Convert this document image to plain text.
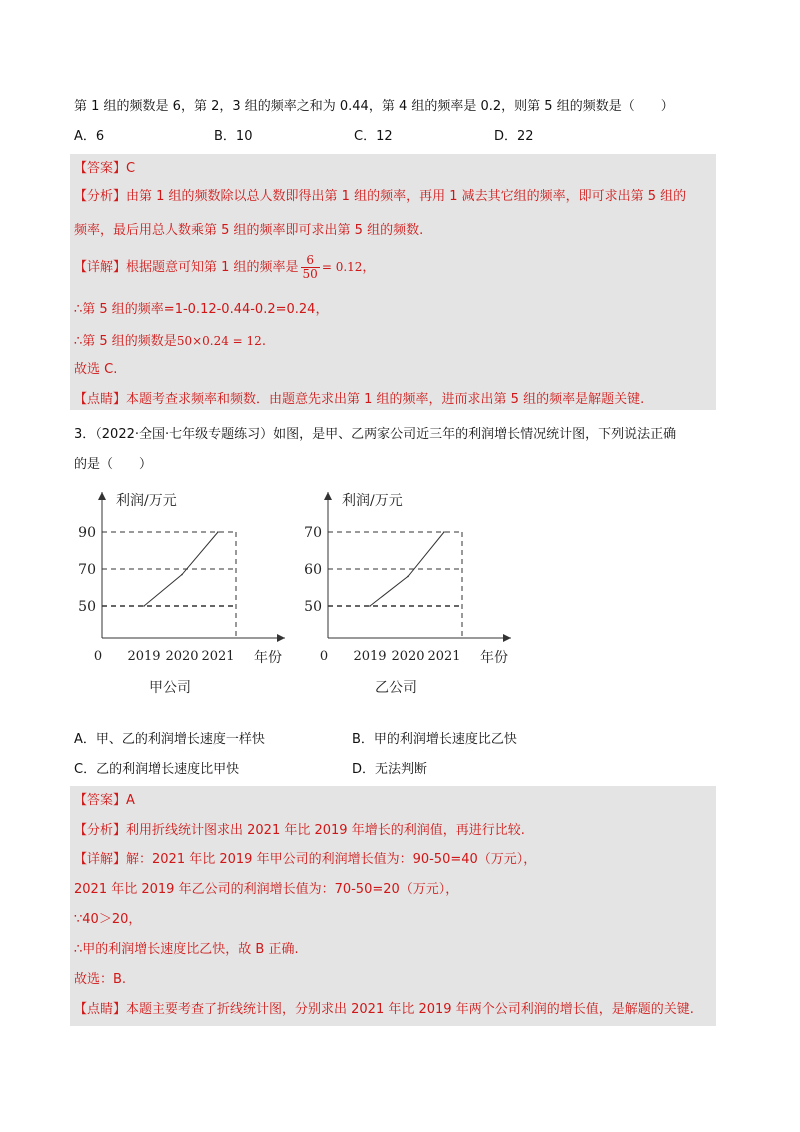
第 1 组的频数是 6，第 2，3 组的频率之和为 0.44，第 4 组的频率是 0.2，则第 5 组的频数是（　　）
A．6	B．10	C．12	D．22
【答案】C
【分析】由第 1 组的频数除以总人数即得出第 1 组的频率，再用 1 减去其它组的频率，即可求出第 5 组的
频率，最后用总人数乘第 5 组的频率即可求出第 5 组的频数.
【详解】根据题意可知第 1 组的频率是 $\frac{6}{50} = 0.12$，
∴第 5 组的频率=1-0.12-0.44-0.2=0.24，
∴第 5 组的频数是50×0.24 = 12.
故选 C.
【点睛】本题考查求频率和频数．由题意先求出第 1 组的频率，进而求出第 5 组的频率是解题关键.
3．（2022·全国·七年级专题练习）如图，是甲、乙两家公司近三年的利润增长情况统计图，下列说法正确
的是（　　）
利润/万元
0
50
70
90
2019 2020 2021 年份
甲公司
利润/万元
0
50
60
70
2019 2020 2021 年份
乙公司
A．甲、乙的利润增长速度一样快	B．甲的利润增长速度比乙快
C．乙的利润增长速度比甲快	D．无法判断
【答案】A
【分析】利用折线统计图求出 2021 年比 2019 年增长的利润值，再进行比较.
【详解】解：2021 年比 2019 年甲公司的利润增长值为：90-50=40（万元），
2021 年比 2019 年乙公司的利润增长值为：70-50=20（万元），
∵40＞20，
∴甲的利润增长速度比乙快，故 B 正确.
故选：B.
【点睛】本题主要考查了折线统计图，分别求出 2021 年比 2019 年两个公司利润的增长值，是解题的关键.
